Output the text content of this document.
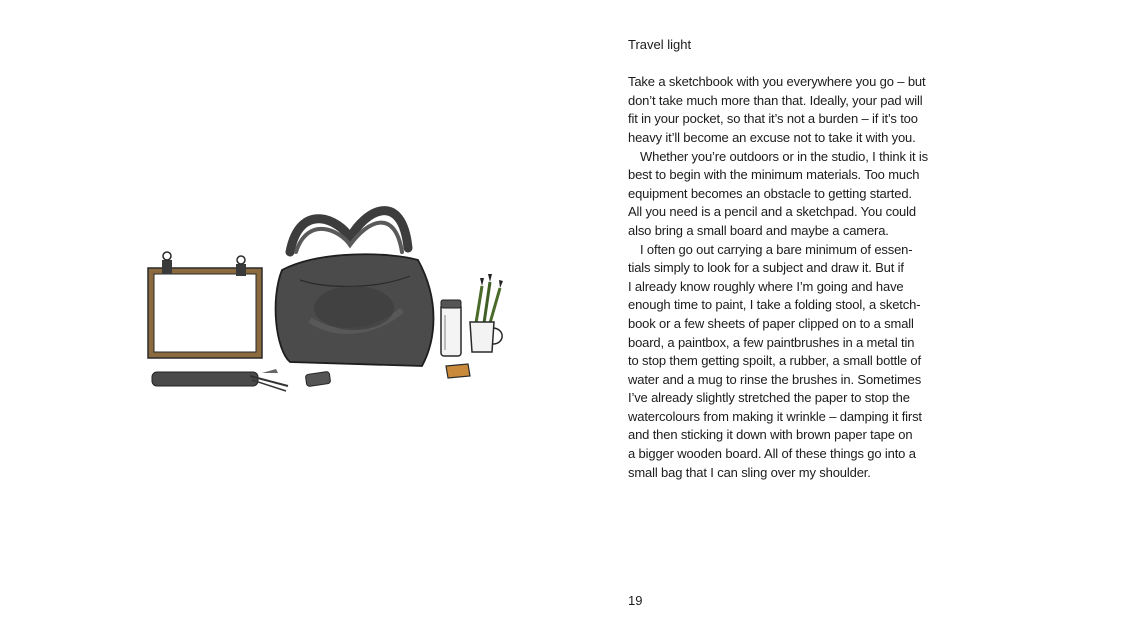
Travel light

Take a sketchbook with you everywhere you go – but
don’t take much more than that. Ideally, your pad will
fit in your pocket, so that it’s not a burden – if it’s too
heavy it’ll become an excuse not to take it with you.

Whether you’re outdoors or in the studio, I think it is
best to begin with the minimum materials. Too much
equipment becomes an obstacle to getting started.
All you need is a pencil and a sketchpad. You could
also bring a small board and maybe a camera.

I often go out carrying a bare minimum of essen-
tials simply to look for a subject and draw it. But if
I already know roughly where I’m going and have
enough time to paint, I take a folding stool, a sketch-
book or a few sheets of paper clipped on to a small
board, a paintbox, a few paintbrushes in a metal tin
to stop them getting spoilt, a rubber, a small bottle of
water and a mug to rinse the brushes in. Sometimes
I’ve already slightly stretched the paper to stop the
watercolours from making it wrinkle – damping it first
and then sticking it down with brown paper tape on
a bigger wooden board. All of these things go into a
small bag that I can sling over my shoulder.

19
